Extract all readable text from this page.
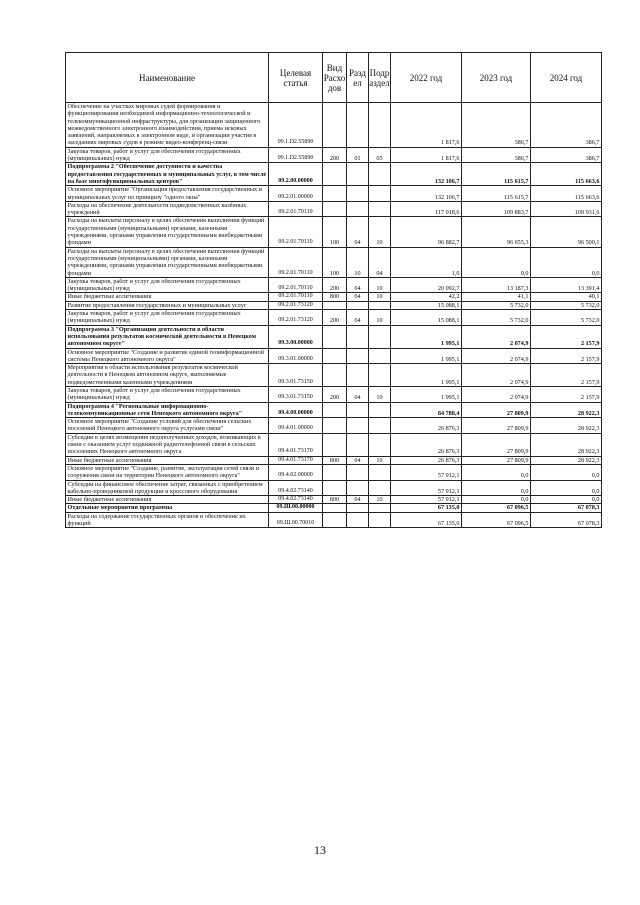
Наименование	Целевая статья	Вид Расхо дов	Разд ел	Подр аздел	2022 год	2023 год	2024 год
Обеспечение на участках мировых судей формирования и функционирования необходимой информационно-технологической и телекоммуникационной инфраструктуры, для организации защищенного межведомственного электронного взаимодействия, приема исковых заявлений, направляемых в электронном виде, и организации участия в заседаниях мировых судов в режиме видео-конференц-связи	09.1.D2.55890				1 817,6	386,7	386,7
Закупка товаров, работ и услуг для обеспечения государственных (муниципальных) нужд	09.1.D2.55890	200	01	05	1 817,6	386,7	386,7
Подпрограмма 2 "Обеспечение доступности и качества предоставления государственных и муниципальных услуг, в том числе на базе многофункциональных центров"	09.2.00.00000				132 106,7	115 615,7	115 663,6
Основное мероприятие "Организация предоставления государственных и муниципальных услуг по принципу "одного окна"	09.2.01.00000				132 106,7	115 615,7	115 663,6
Расходы на обеспечение деятельности подведомственных казённых учреждений	09.2.01.70110				117 018,6	109 883,7	109 931,6
Расходы на выплаты персоналу в целях обеспечения выполнения функций государственными (муниципальными) органами, казенными учреждениями, органами управления государственными внебюджетными фондами	09.2.01.70110	100	04	10	96 882,7	96 655,3	96 500,1
Расходы на выплаты персоналу в целях обеспечения выполнения функций государственными (муниципальными) органами, казенными учреждениями, органами управления государственными внебюджетными фондами	09.2.01.70110	100	10	04	1,0	0,0	0,0
Закупка товаров, работ и услуг для обеспечения государственных (муниципальных) нужд	09.2.01.70110	200	04	10	20 092,7	13 187,3	13 391,4
Иные бюджетные ассигнования	09.2.01.70110	800	04	10	42,2	41,1	40,1
Развитие предоставления государственных и муниципальных услуг	09.2.01.73120				15 088,1	5 732,0	5 732,0
Закупка товаров, работ и услуг для обеспечения государственных (муниципальных) нужд	09.2.01.73120	200	04	10	15 088,1	5 732,0	5 732,0
Подпрограмма 3 "Организация деятельности в области использования результатов космической деятельности в Ненецком автономном округе"	09.3.00.00000				1 995,1	2 074,9	2 157,9
Основное мероприятие "Создание и развитие единой геоинформационной системы Ненецкого автономного округа"	09.3.01.00000				1 995,1	2 074,9	2 157,9
Мероприятия в области использования результатов космической деятельности в Ненецком автономном округе, выполняемые подведомственными казенными учреждениями	09.3.01.73150				1 995,1	2 074,9	2 157,9
Закупка товаров, работ и услуг для обеспечения государственных (муниципальных) нужд	09.3.01.73150	200	04	10	1 995,1	2 074,9	2 157,9
Подпрограмма 4 "Региональные информационно-телекоммуникационные сети Ненецкого автономного округа"	09.4.00.00000				84 788,4	27 809,9	28 922,3
Основное мероприятие "Создание условий для обеспечения сельских поселений Ненецкого автономного округа услугами связи"	09.4.01.00000				26 876,3	27 809,9	28 922,3
Субсидии в целях возмещения недополученных доходов, возникающих в связи с оказанием услуг подвижной радиотелефонной связи в сельских поселениях Ненецкого автономного округа	09.4.01.73170				26 876,3	27 809,9	28 922,3
Иные бюджетные ассигнования	09.4.01.73170	800	04	10	26 876,3	27 809,9	28 922,3
Основное мероприятие "Создание, развитие, эксплуатация сетей связи и сооружения связи на территории Ненецкого автономного округа"	09.4.02.00000				57 912,1	0,0	0,0
Субсидии на финансовое обеспечение затрат, связанных с приобретением кабельно-проводниковой продукции и кроссового оборудования	09.4.02.73140				57 912,1	0,0	0,0
Иные бюджетные ассигнования	09.4.02.73140	800	04	10	57 912,1	0,0	0,0
Отдельные мероприятия программы	09.Ш.00.00000				67 135,0	67 096,5	67 078,3
Расходы на содержание государственных органов и обеспечение их функций	09.Ш.00.70010				67 135,0	67 096,5	67 078,3
13
